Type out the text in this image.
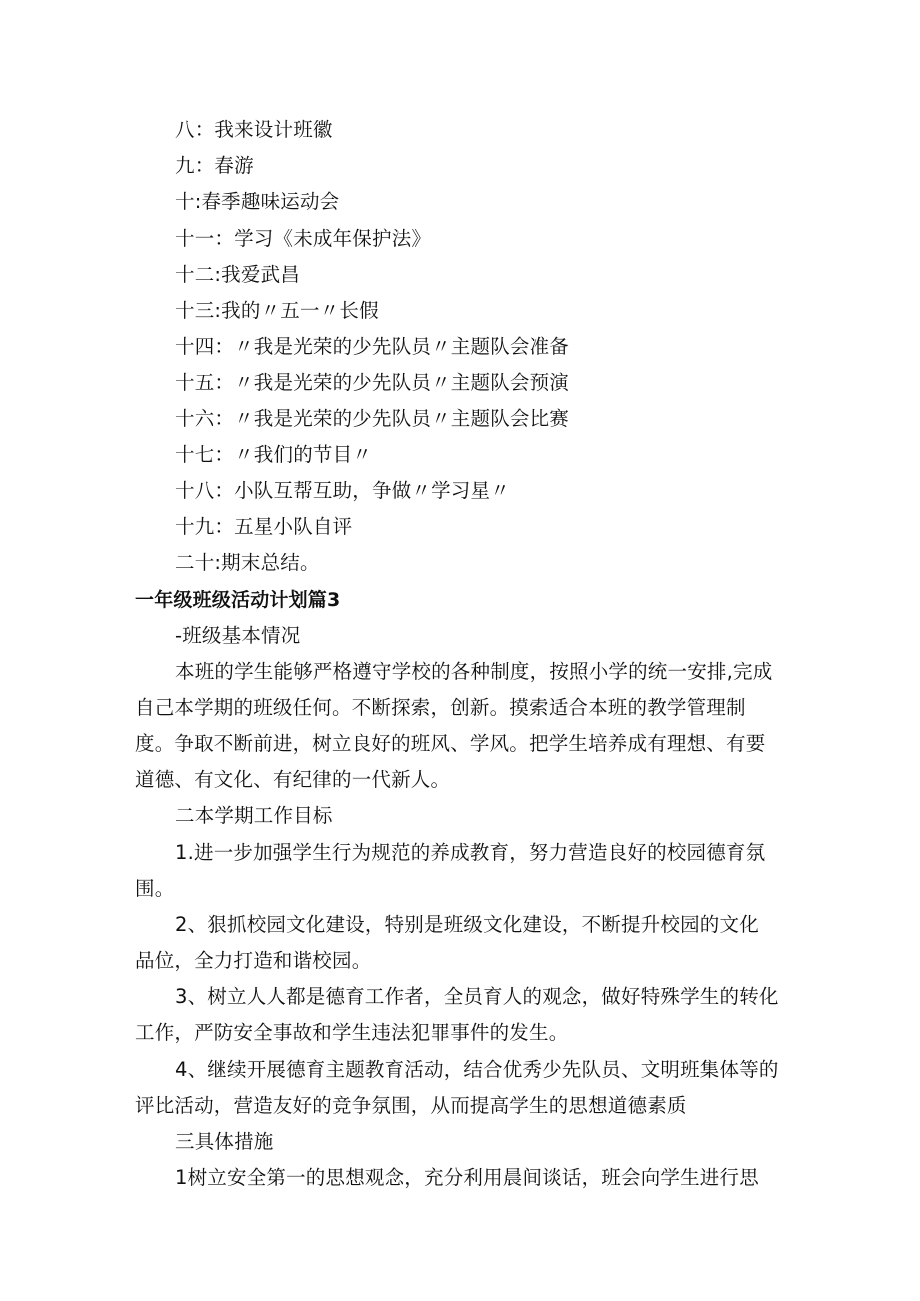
八：我来设计班徽
九：春游
十:春季趣味运动会
十一：学习《未成年保护法》
十二:我爱武昌
十三:我的〃五一〃长假
十四：〃我是光荣的少先队员〃主题队会准备
十五：〃我是光荣的少先队员〃主题队会预演
十六：〃我是光荣的少先队员〃主题队会比赛
十七：〃我们的节目〃
十八：小队互帮互助，争做〃学习星〃
十九：五星小队自评
二十:期末总结。
一年级班级活动计划篇3
-班级基本情况
本班的学生能够严格遵守学校的各种制度，按照小学的统一安排,完成
自己本学期的班级任何。不断探索，创新。摸索适合本班的教学管理制
度。争取不断前进，树立良好的班风、学风。把学生培养成有理想、有要
道德、有文化、有纪律的一代新人。
二本学期工作目标
1.进一步加强学生行为规范的养成教育，努力营造良好的校园德育氛
围。
2、狠抓校园文化建设，特别是班级文化建设，不断提升校园的文化
品位，全力打造和谐校园。
3、树立人人都是德育工作者，全员育人的观念，做好特殊学生的转化
工作，严防安全事故和学生违法犯罪事件的发生。
4、继续开展德育主题教育活动，结合优秀少先队员、文明班集体等的
评比活动，营造友好的竞争氛围，从而提高学生的思想道德素质
三具体措施
1树立安全第一的思想观念，充分利用晨间谈话，班会向学生进行思
